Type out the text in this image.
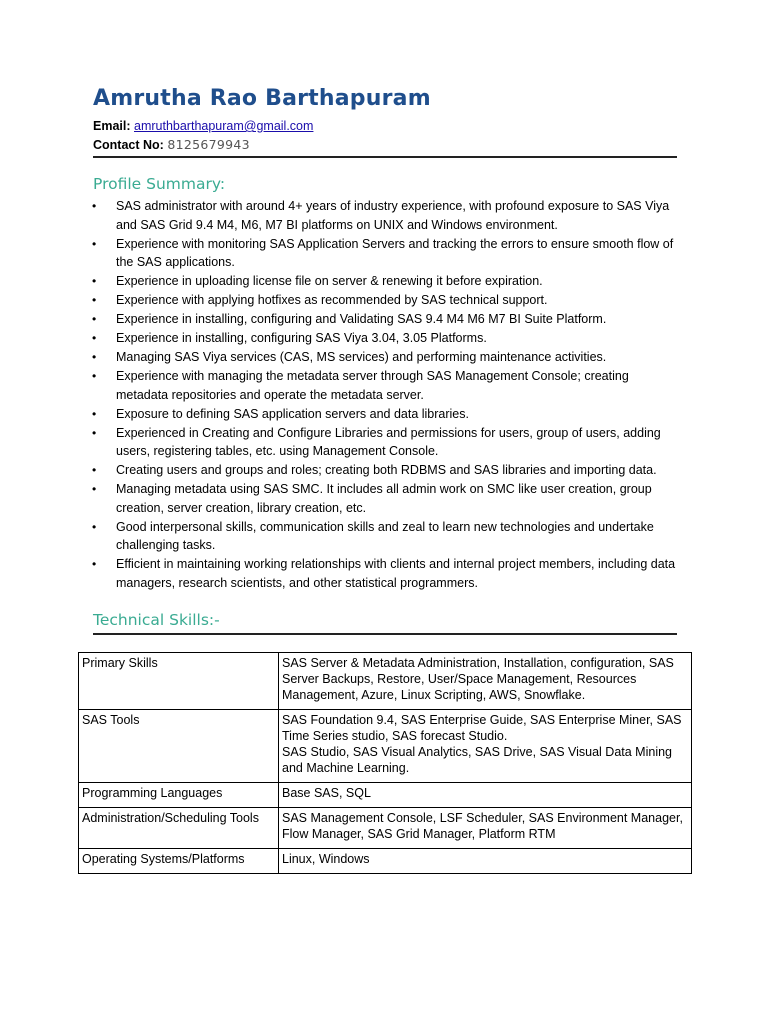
Amrutha Rao Barthapuram
Email: amruthbarthapuram@gmail.com
Contact No: 8125679943
Profile Summary:
• SAS administrator with around 4+ years of industry experience, with profound exposure to SAS Viya and SAS Grid 9.4 M4, M6, M7 BI platforms on UNIX and Windows environment.
• Experience with monitoring SAS Application Servers and tracking the errors to ensure smooth flow of the SAS applications.
• Experience in uploading license file on server & renewing it before expiration.
• Experience with applying hotfixes as recommended by SAS technical support.
• Experience in installing, configuring and Validating SAS 9.4 M4 M6 M7 BI Suite Platform.
• Experience in installing, configuring SAS Viya 3.04, 3.05 Platforms.
• Managing SAS Viya services (CAS, MS services) and performing maintenance activities.
• Experience with managing the metadata server through SAS Management Console; creating metadata repositories and operate the metadata server.
• Exposure to defining SAS application servers and data libraries.
• Experienced in Creating and Configure Libraries and permissions for users, group of users, adding users, registering tables, etc. using Management Console.
• Creating users and groups and roles; creating both RDBMS and SAS libraries and importing data.
• Managing metadata using SAS SMC. It includes all admin work on SMC like user creation, group creation, server creation, library creation, etc.
• Good interpersonal skills, communication skills and zeal to learn new technologies and undertake challenging tasks.
• Efficient in maintaining working relationships with clients and internal project members, including data managers, research scientists, and other statistical programmers.
Technical Skills:-
Primary Skills	SAS Server & Metadata Administration, Installation, configuration, SAS Server Backups, Restore, User/Space Management, Resources Management, Azure, Linux Scripting, AWS, Snowflake.

SAS Tools	SAS Foundation 9.4, SAS Enterprise Guide, SAS Enterprise Miner, SAS Time Series studio, SAS forecast Studio.
SAS Studio, SAS Visual Analytics, SAS Drive, SAS Visual Data Mining and Machine Learning.

Programming Languages	Base SAS, SQL

Administration/Scheduling Tools	SAS Management Console, LSF Scheduler, SAS Environment Manager, Flow Manager, SAS Grid Manager, Platform RTM

Operating Systems/Platforms	Linux, Windows
